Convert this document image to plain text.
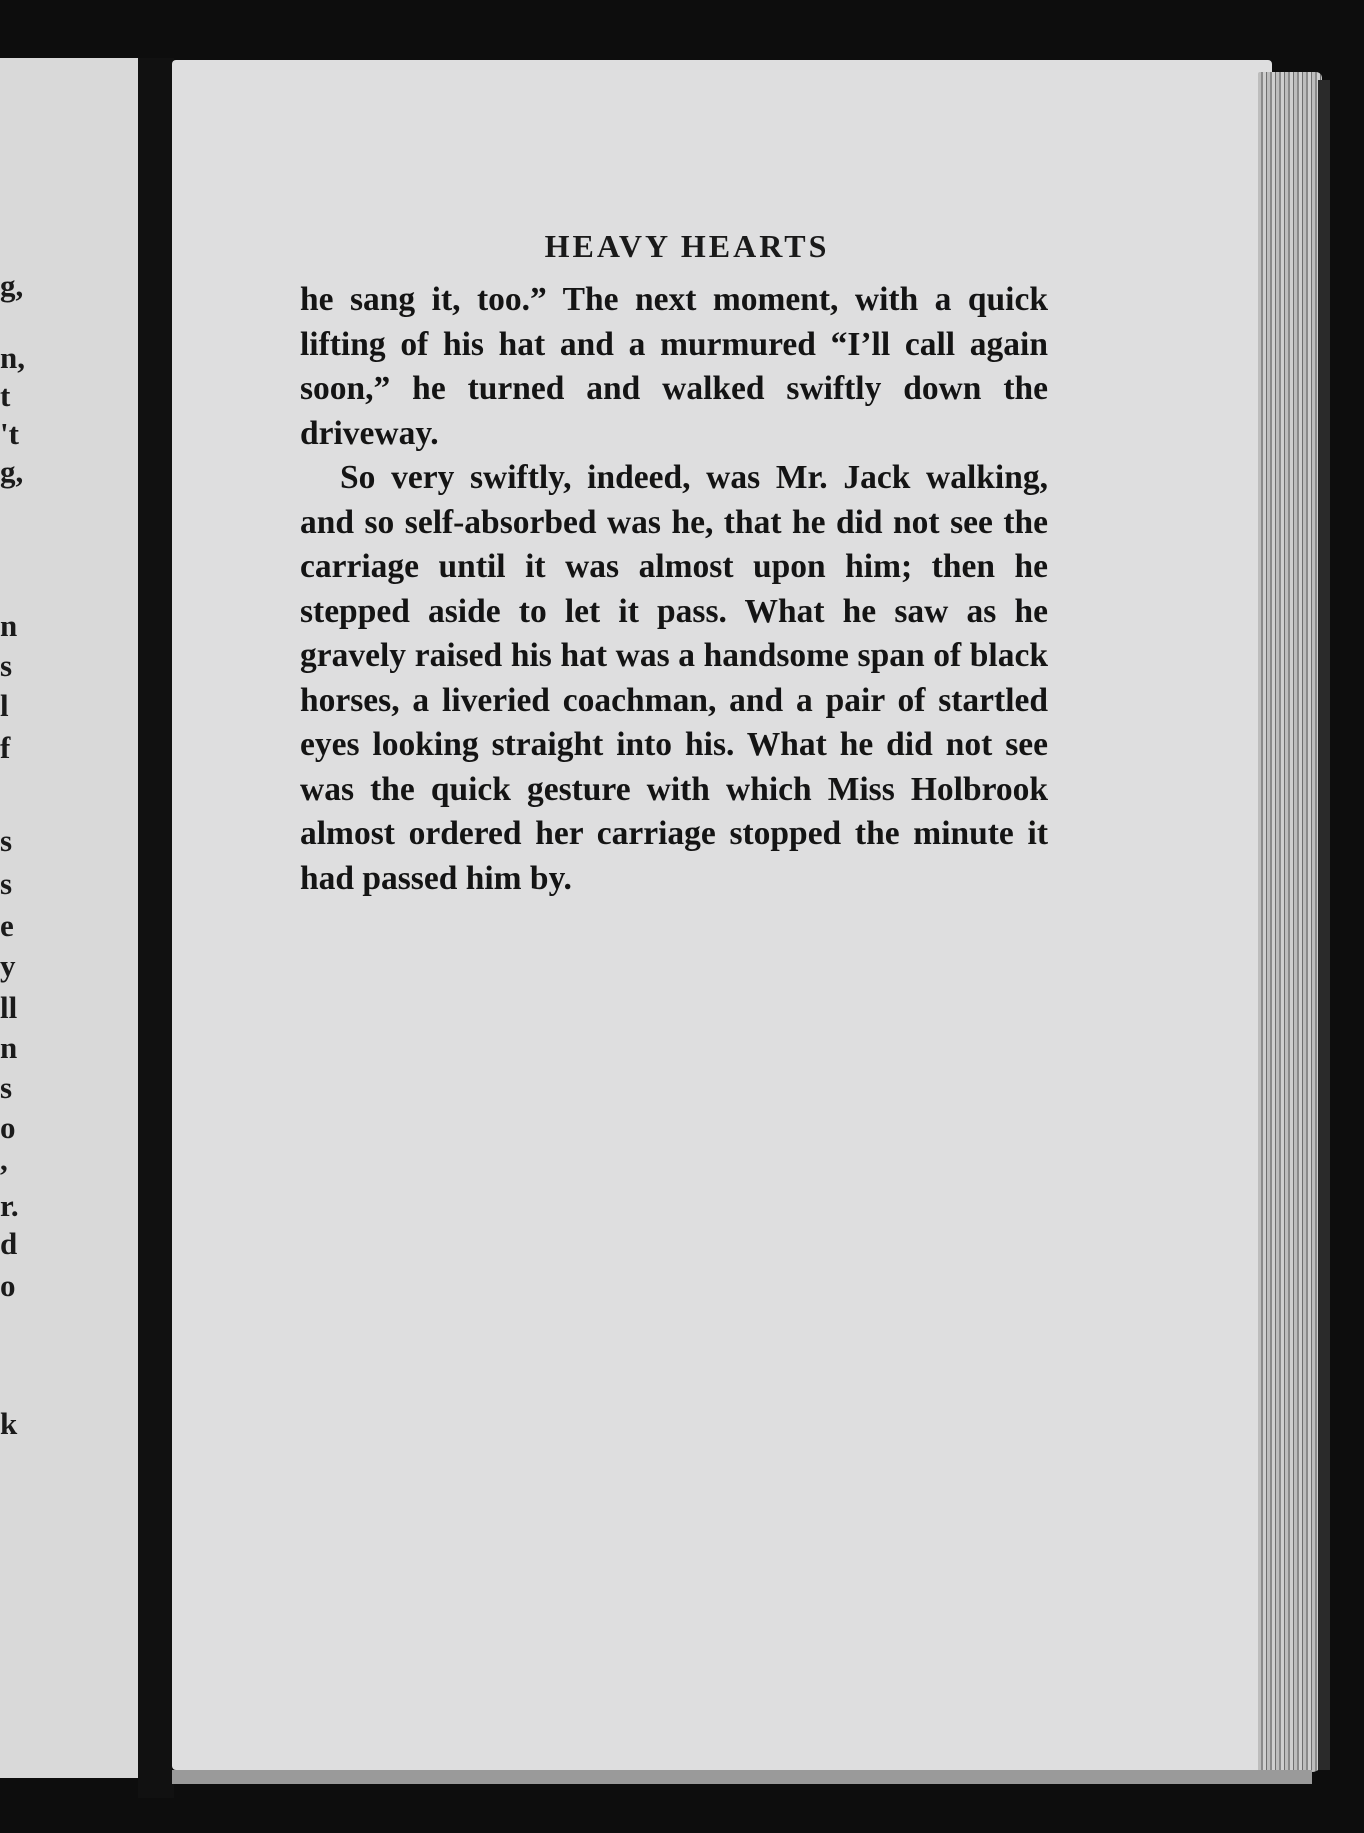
g,
n,
t
't
g,
n
s
l
f
s
s
e
y
ll
n
s
o
,
r.
d
o
k
HEAVY HEARTS

he sang it, too.” The next moment, with a quick lifting of his hat and a murmured “I’ll call again soon,” he turned and walked swiftly down the driveway.

So very swiftly, indeed, was Mr. Jack walking, and so self-absorbed was he, that he did not see the carriage until it was almost upon him; then he stepped aside to let it pass. What he saw as he gravely raised his hat was a handsome span of black horses, a liveried coachman, and a pair of startled eyes looking straight into his. What he did not see was the quick gesture with which Miss Holbrook almost ordered her carriage stopped the minute it had passed him by.
